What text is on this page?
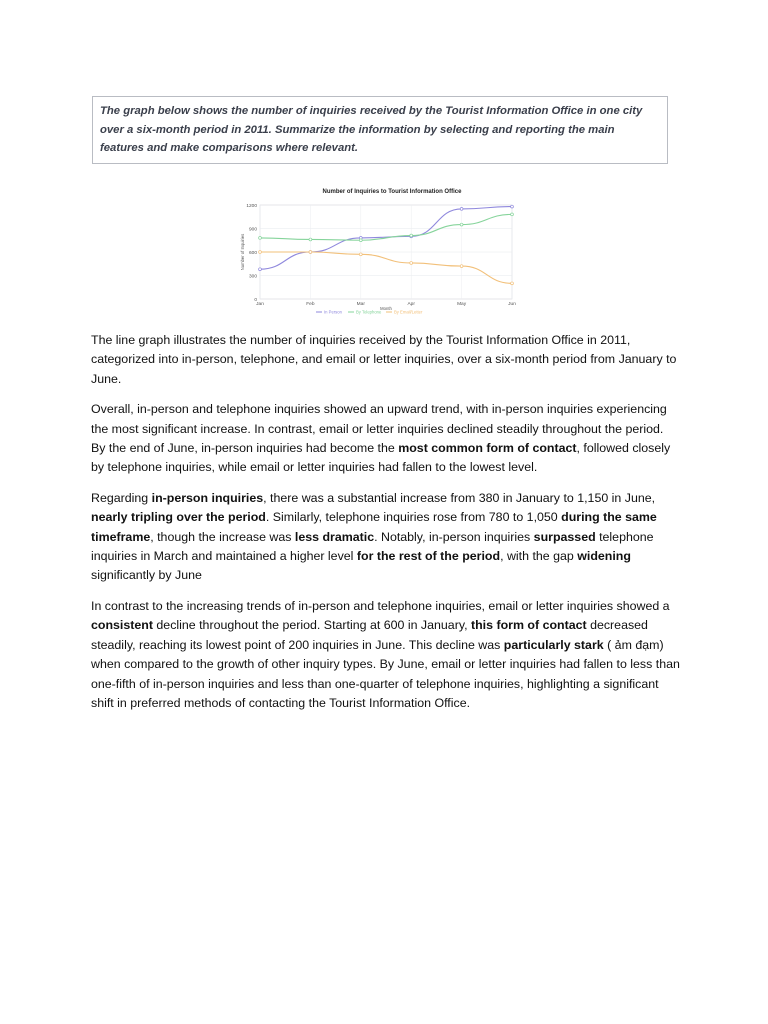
The graph below shows the number of inquiries received by the Tourist Information Office in one city over a six-month period in 2011. Summarize the information by selecting and reporting the main features and make comparisons where relevant.
0
300
600
900
1200
Jan	Feb	Mar	Apr	May	Jun
Number of Inquiries to Tourist Information Office
Month
Number of Inquiries
In Person	By Telephone	By Email/Letter

The line graph illustrates the number of inquiries received by the Tourist Information Office in 2011, categorized into in-person, telephone, and email or letter inquiries, over a six-month period from January to June.

Overall, in-person and telephone inquiries showed an upward trend, with in-person inquiries experiencing the most significant increase. In contrast, email or letter inquiries declined steadily throughout the period. By the end of June, in-person inquiries had become the most common form of contact, followed closely by telephone inquiries, while email or letter inquiries had fallen to the lowest level.

Regarding in-person inquiries, there was a substantial increase from 380 in January to 1,150 in June, nearly tripling over the period. Similarly, telephone inquiries rose from 780 to 1,050 during the same timeframe, though the increase was less dramatic. Notably, in-person inquiries surpassed telephone inquiries in March and maintained a higher level for the rest of the period, with the gap widening significantly by June

In contrast to the increasing trends of in-person and telephone inquiries, email or letter inquiries showed a consistent decline throughout the period. Starting at 600 in January, this form of contact decreased steadily, reaching its lowest point of 200 inquiries in June. This decline was particularly stark ( ảm đạm) when compared to the growth of other inquiry types. By June, email or letter inquiries had fallen to less than one-fifth of in-person inquiries and less than one-quarter of telephone inquiries, highlighting a significant shift in preferred methods of contacting the Tourist Information Office.
